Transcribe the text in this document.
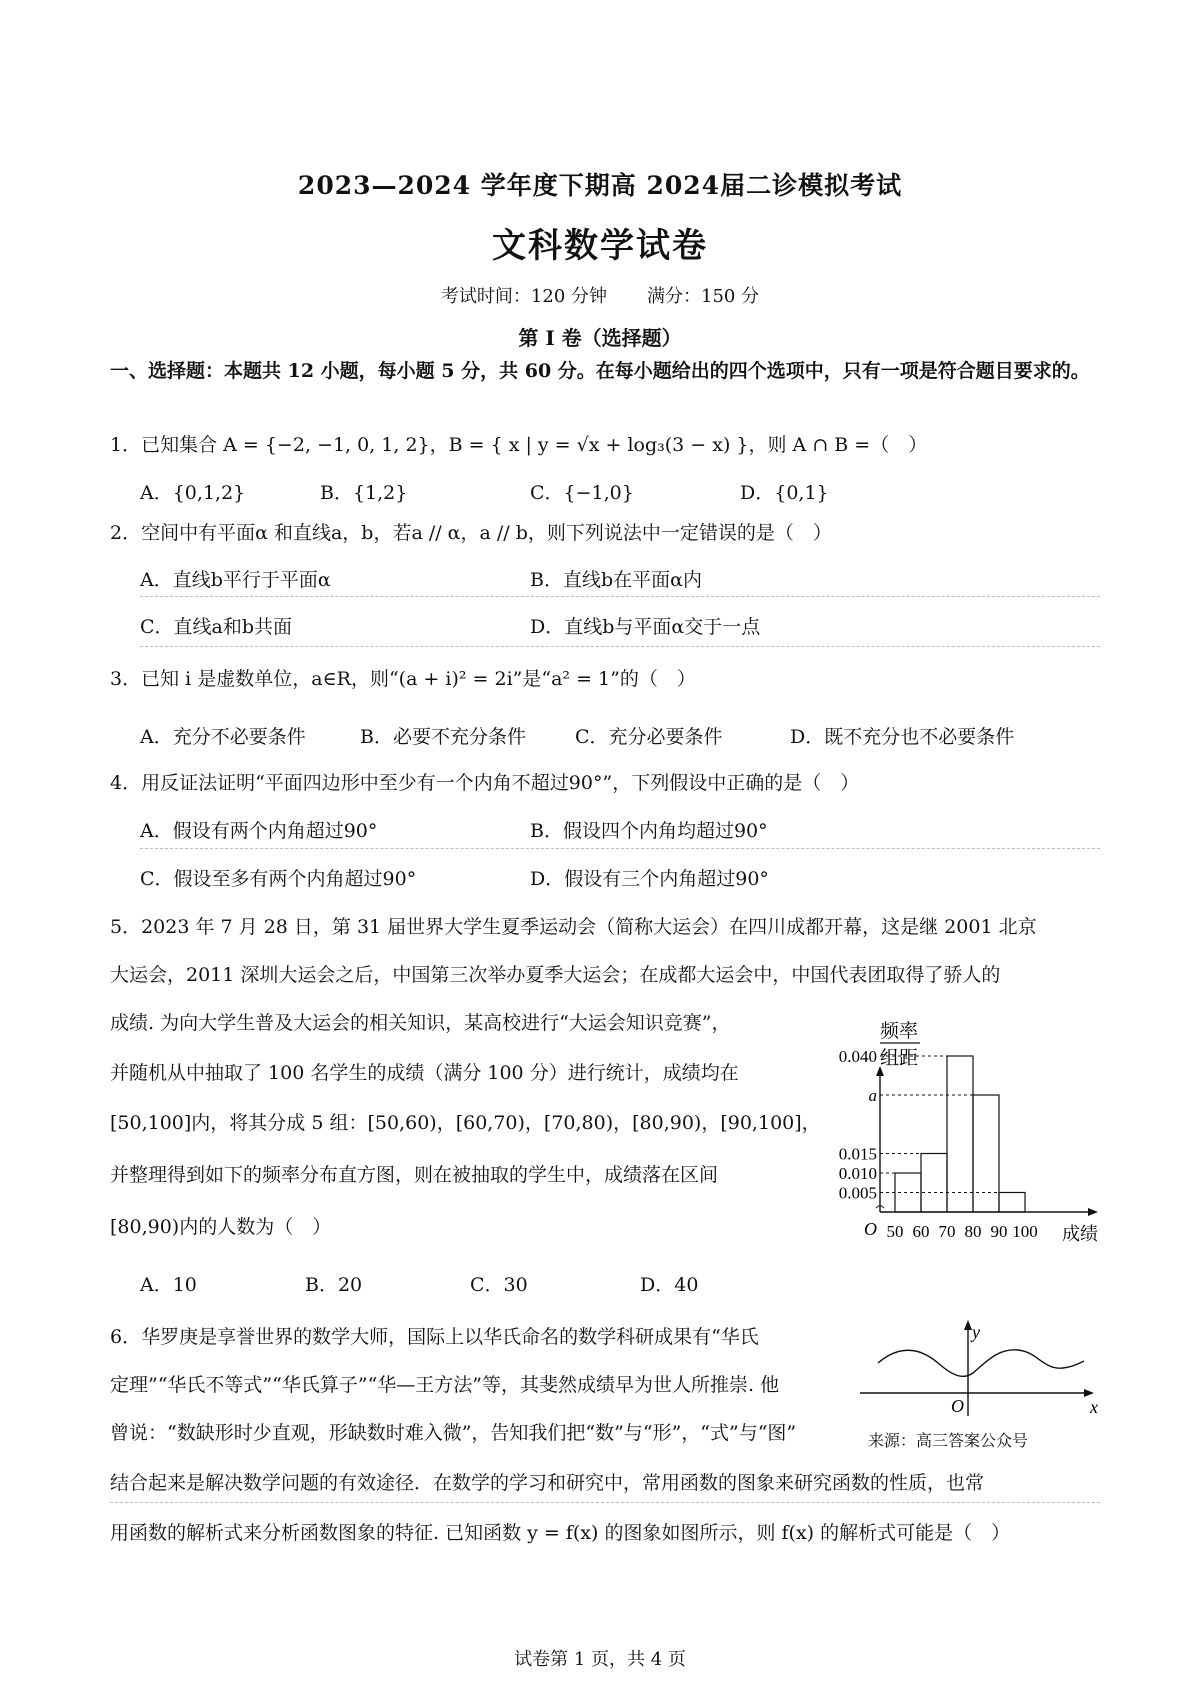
2023—2024 学年度下期高 2024届二诊模拟考试
文科数学试卷
考试时间：120 分钟 满分：150 分
第 I 卷（选择题）
一、选择题：本题共 12 小题，每小题 5 分，共 60 分。在每小题给出的四个选项中，只有一项是符合题目要求的。
1．已知集合 A = {−2, −1, 0, 1, 2}，B = { x | y = √x + log₃(3 − x) }，则 A ∩ B =（　）
A．{0,1,2}	B．{1,2}	C．{−1,0}	D．{0,1}
2．空间中有平面α 和直线a，b，若a // α，a // b，则下列说法中一定错误的是（　）
A．直线b平行于平面α	B．直线b在平面α内
C．直线a和b共面	D．直线b与平面α交于一点
3．已知 i 是虚数单位，a∈R，则“(a + i)² = 2i”是“a² = 1”的（　）
A．充分不必要条件	B．必要不充分条件	C．充分必要条件	D．既不充分也不必要条件
4．用反证法证明“平面四边形中至少有一个内角不超过90°”，下列假设中正确的是（　）
A．假设有两个内角超过90°	B．假设四个内角均超过90°
C．假设至多有两个内角超过90°	D．假设有三个内角超过90°
5．2023 年 7 月 28 日，第 31 届世界大学生夏季运动会（简称大运会）在四川成都开幕，这是继 2001 北京
大运会，2011 深圳大运会之后，中国第三次举办夏季大运会；在成都大运会中，中国代表团取得了骄人的
成绩. 为向大学生普及大运会的相关知识，某高校进行“大运会知识竞赛”，
并随机从中抽取了 100 名学生的成绩（满分 100 分）进行统计，成绩均在
[50,100]内，将其分成 5 组：[50,60)，[60,70)，[70,80)，[80,90)，[90,100]，
并整理得到如下的频率分布直方图，则在被抽取的学生中，成绩落在区间
[80,90)内的人数为（　）
A．10	B．20	C．30	D．40
频率
组距
0.005
0.010
0.015
a
0.040
50 60 70 80 90 100
O	成绩
6．华罗庚是享誉世界的数学大师，国际上以华氏命名的数学科研成果有“华氏
定理”“华氏不等式”“华氏算子”“华—王方法”等，其斐然成绩早为世人所推崇. 他
曾说：“数缺形时少直观，形缺数时难入微”，告知我们把“数”与“形”，“式”与“图”	来源：高三答案公众号
结合起来是解决数学问题的有效途径．在数学的学习和研究中，常用函数的图象来研究函数的性质，也常
用函数的解析式来分析函数图象的特征. 已知函数 y = f(x) 的图象如图所示，则 f(x) 的解析式可能是（　）
y
x
O
试卷第 1 页，共 4 页
